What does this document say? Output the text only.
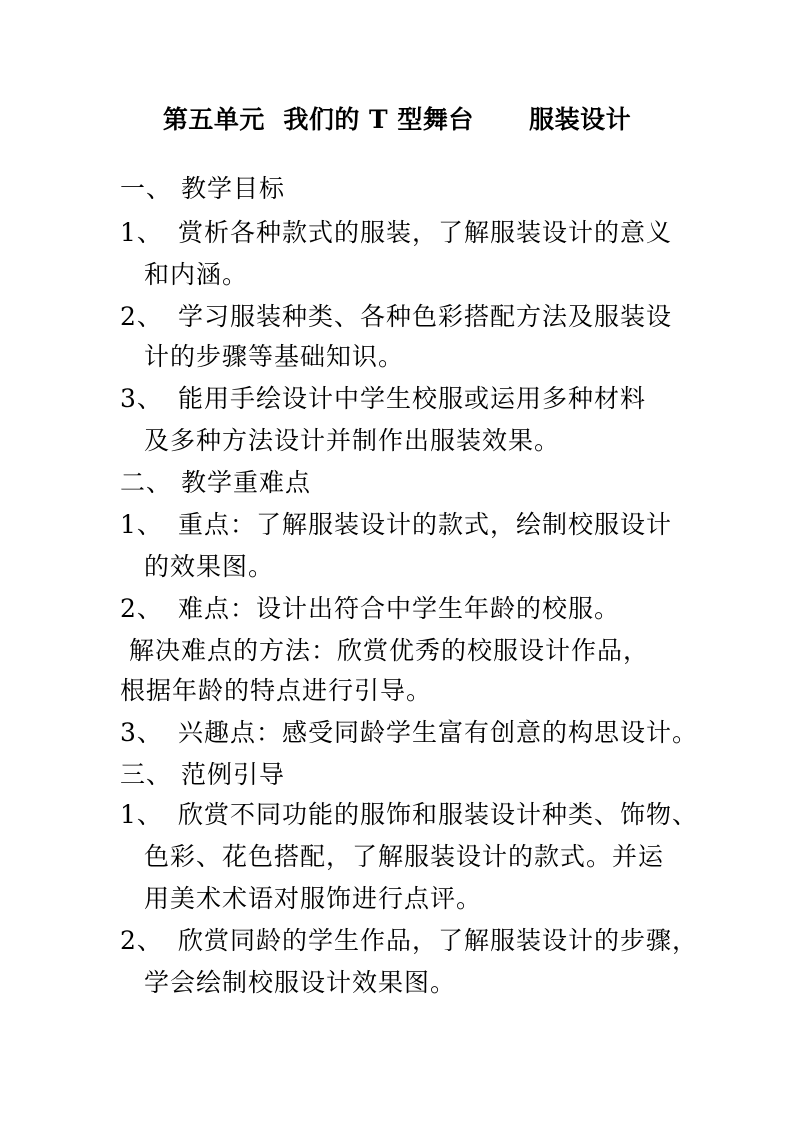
第五单元  我们的 T 型舞台      服装设计
一、 教学目标
1、 赏析各种款式的服装，了解服装设计的意义
和内涵。
2、 学习服装种类、各种色彩搭配方法及服装设
计的步骤等基础知识。
3、 能用手绘设计中学生校服或运用多种材料
及多种方法设计并制作出服装效果。
二、 教学重难点
1、 重点：了解服装设计的款式，绘制校服设计
的效果图。
2、 难点：设计出符合中学生年龄的校服。
解决难点的方法：欣赏优秀的校服设计作品，
根据年龄的特点进行引导。
3、 兴趣点：感受同龄学生富有创意的构思设计。
三、 范例引导
1、 欣赏不同功能的服饰和服装设计种类、饰物、
色彩、花色搭配，了解服装设计的款式。并运
用美术术语对服饰进行点评。
2、 欣赏同龄的学生作品，了解服装设计的步骤，
学会绘制校服设计效果图。
